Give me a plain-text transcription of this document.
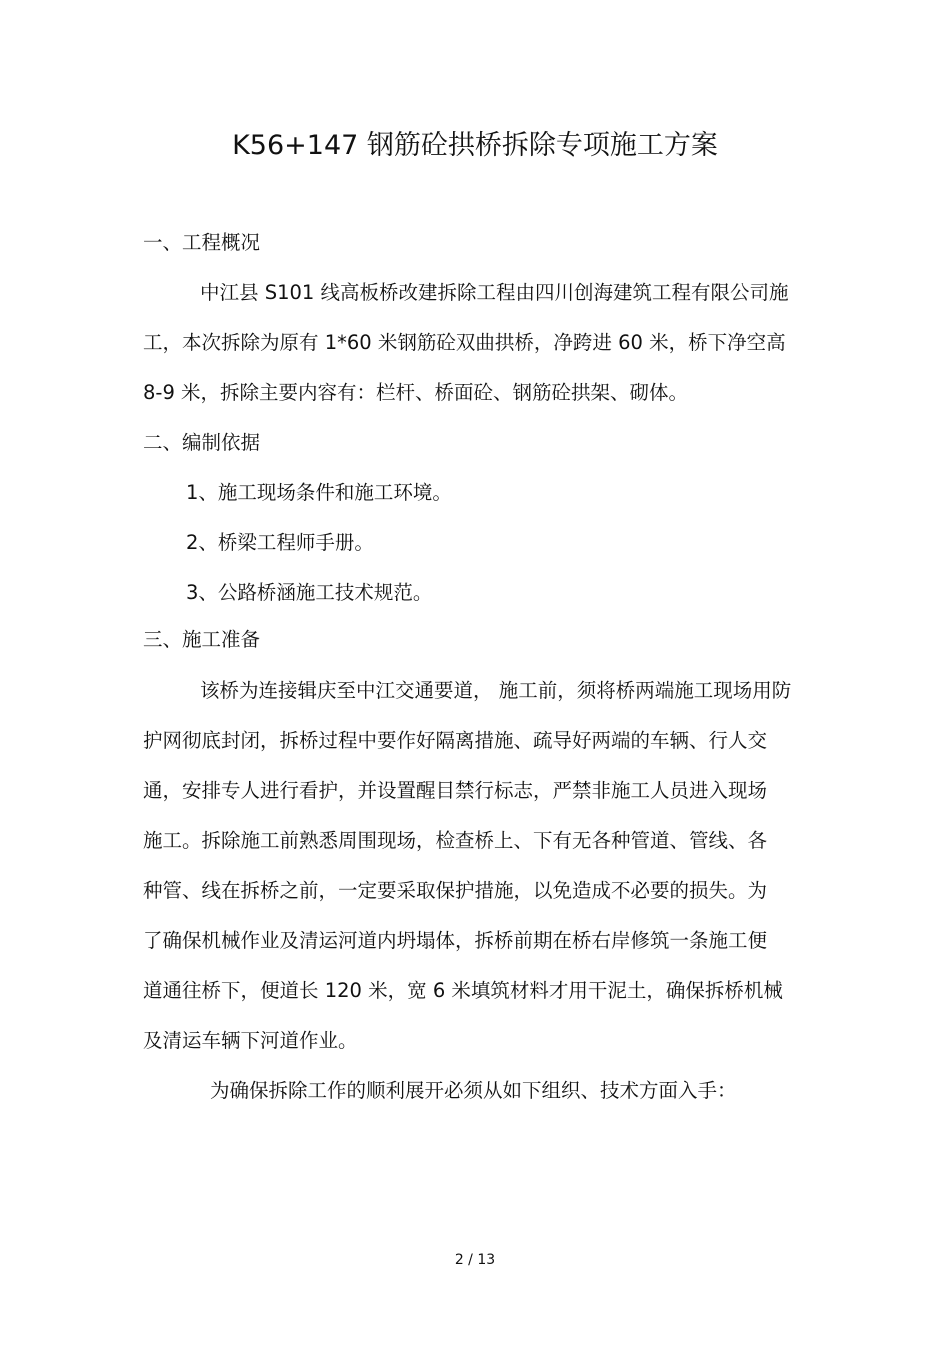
K56+147 钢筋砼拱桥拆除专项施工方案
一、工程概况
中江县 S101 线高板桥改建拆除工程由四川创海建筑工程有限公司施
工，本次拆除为原有 1*60 米钢筋砼双曲拱桥，净跨进 60 米，桥下净空高
8-9 米，拆除主要内容有：栏杆、桥面砼、钢筋砼拱架、砌体。
二、编制依据
1、施工现场条件和施工环境。
2、桥梁工程师手册。
3、公路桥涵施工技术规范。
三、施工准备
该桥为连接辑庆至中江交通要道， 施工前，须将桥两端施工现场用防
护网彻底封闭，拆桥过程中要作好隔离措施、疏导好两端的车辆、行人交
通，安排专人进行看护，并设置醒目禁行标志，严禁非施工人员进入现场
施工。拆除施工前熟悉周围现场，检查桥上、下有无各种管道、管线、各
种管、线在拆桥之前，一定要采取保护措施，以免造成不必要的损失。为
了确保机械作业及清运河道内坍塌体，拆桥前期在桥右岸修筑一条施工便
道通往桥下，便道长 120 米，宽 6 米填筑材料才用干泥土，确保拆桥机械
及清运车辆下河道作业。
为确保拆除工作的顺利展开必须从如下组织、技术方面入手：
2 / 13
